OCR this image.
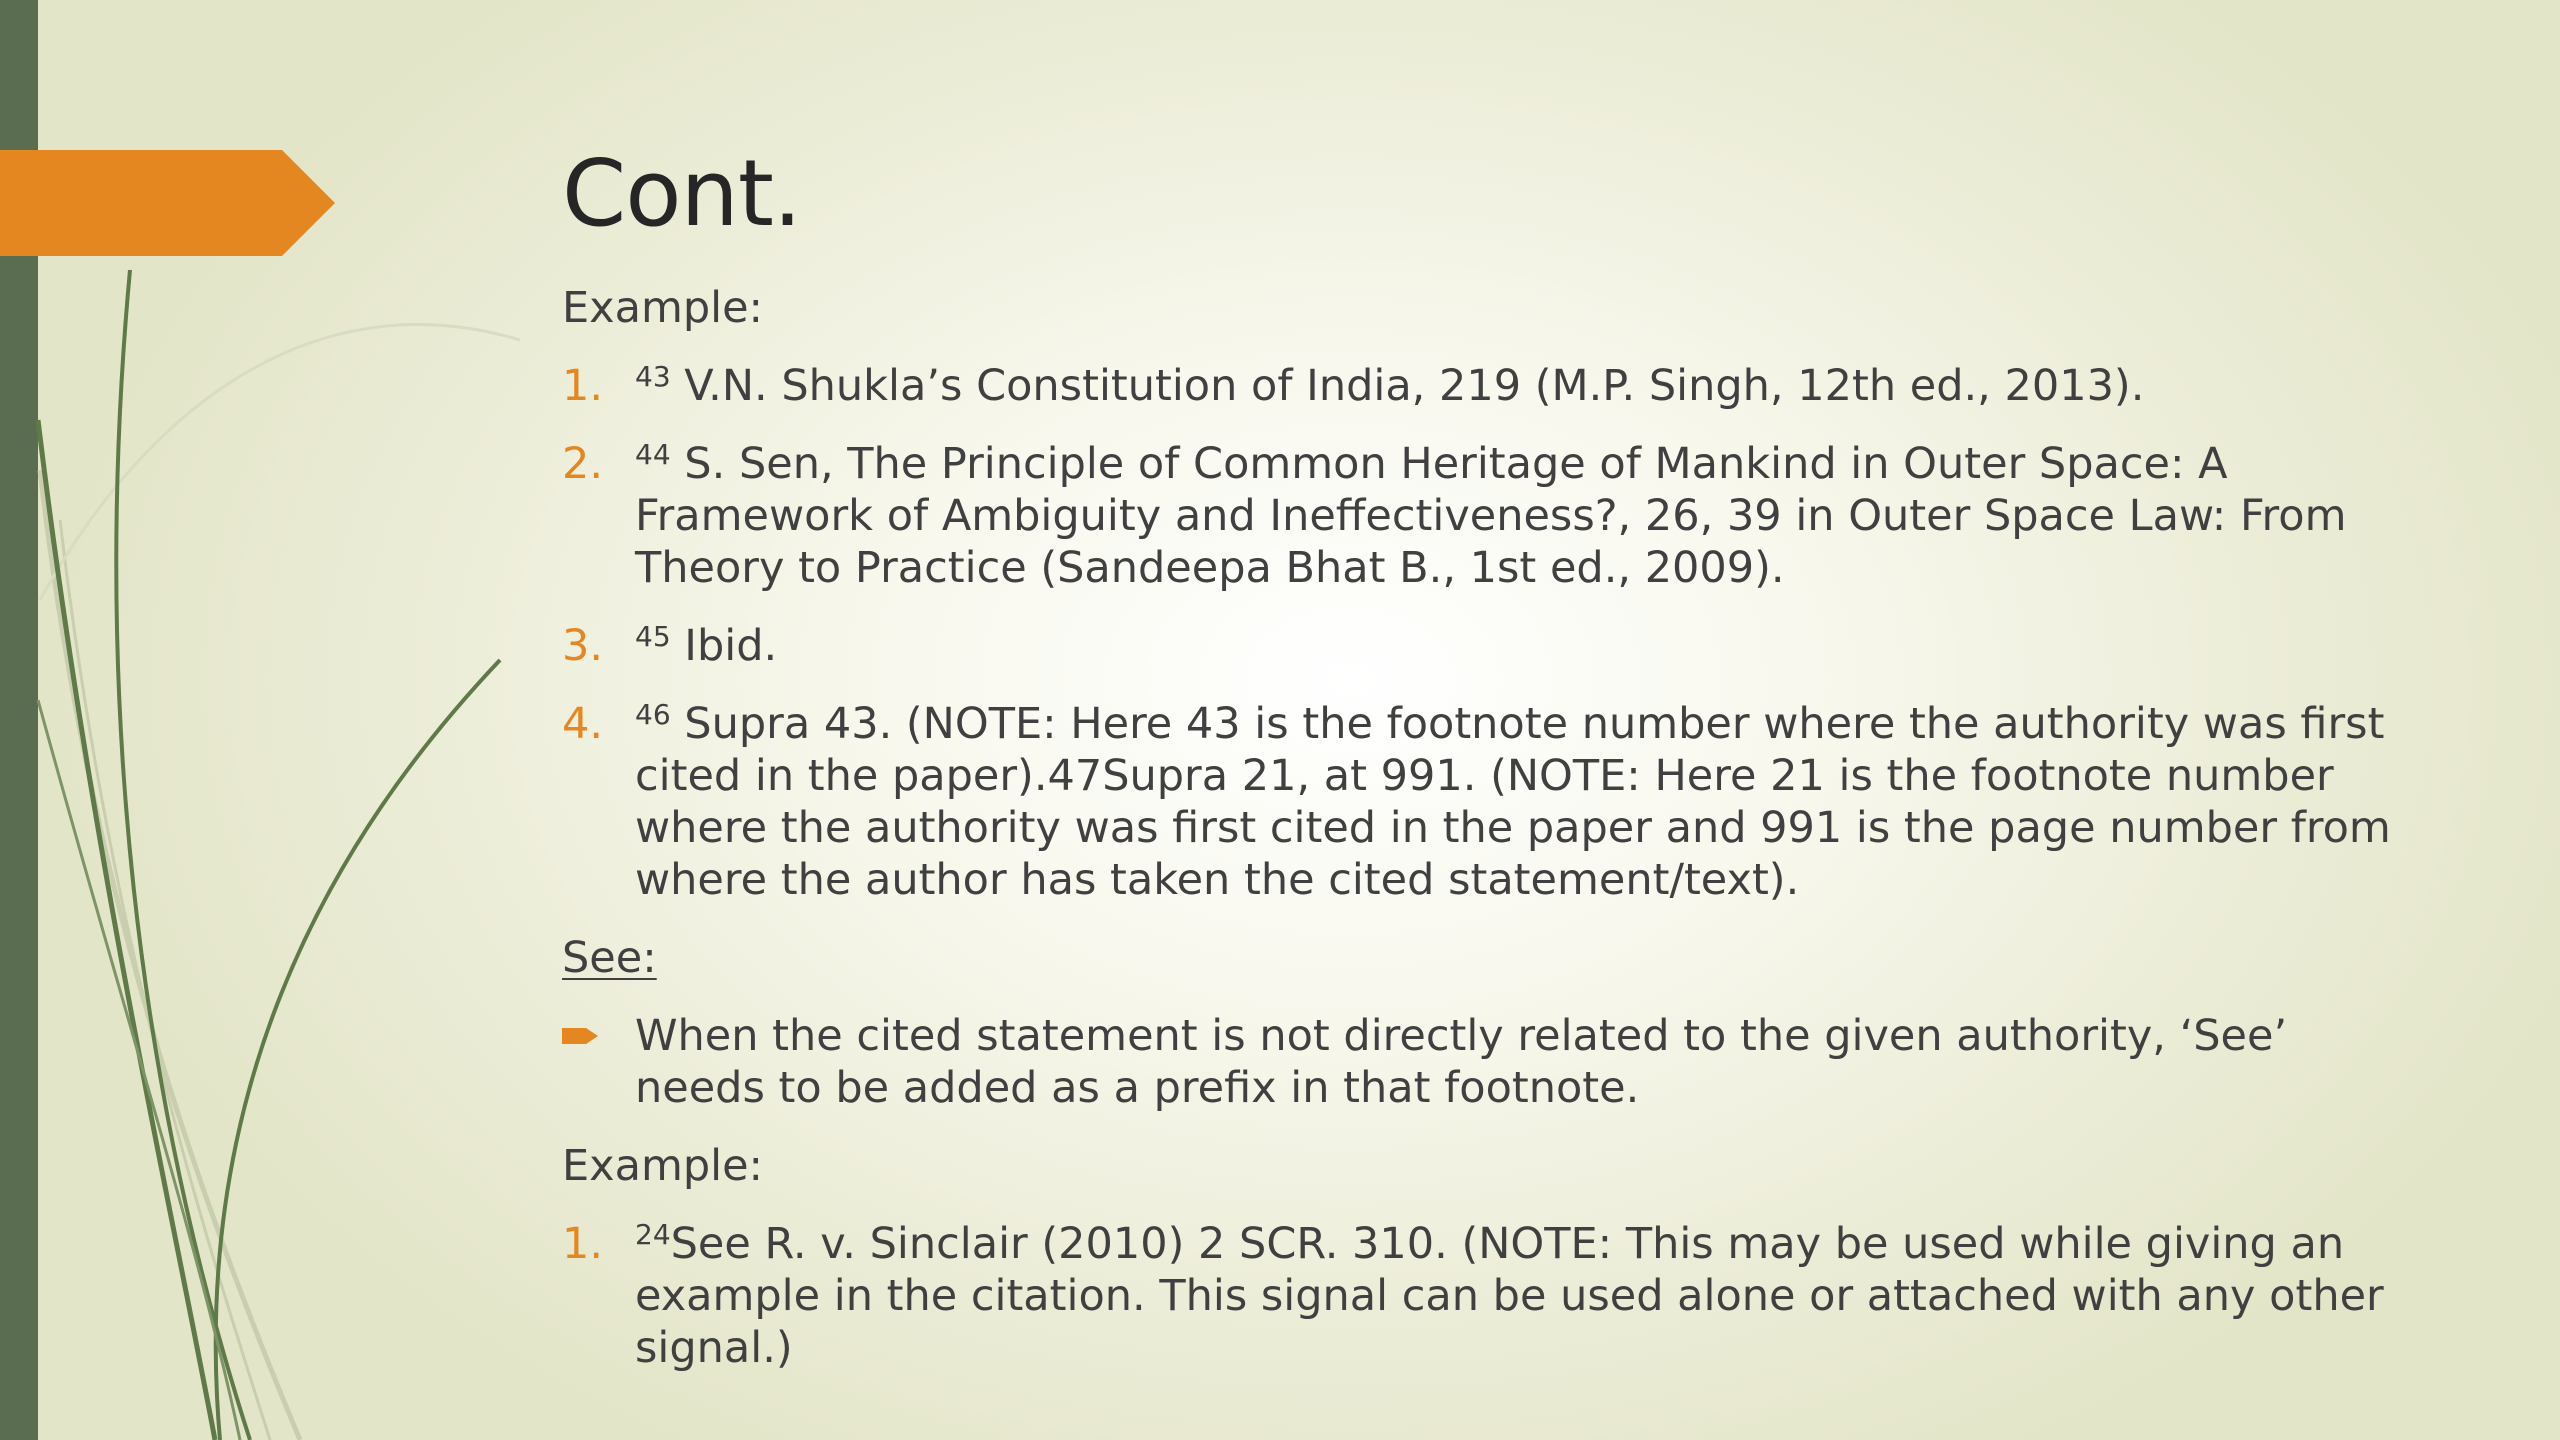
Cont.
Example:
1. $^{43}$ V.N. Shukla’s Constitution of India, 219 (M.P. Singh, 12th ed., 2013).
2. $^{44}$ S. Sen, The Principle of Common Heritage of Mankind in Outer Space: A Framework of Ambiguity and Ineffectiveness?, 26, 39 in Outer Space Law: From Theory to Practice (Sandeepa Bhat B., 1st ed., 2009).
3. $^{45}$ Ibid.
4. $^{46}$ Supra 43. (NOTE: Here 43 is the footnote number where the authority was first cited in the paper).47Supra 21, at 991. (NOTE: Here 21 is the footnote number where the authority was first cited in the paper and 991 is the page number from where the author has taken the cited statement/text).
See:
When the cited statement is not directly related to the given authority, ‘See’ needs to be added as a prefix in that footnote.
Example:
1. $^{24}$See R. v. Sinclair (2010) 2 SCR. 310. (NOTE: This may be used while giving an example in the citation. This signal can be used alone or attached with any other signal.)
